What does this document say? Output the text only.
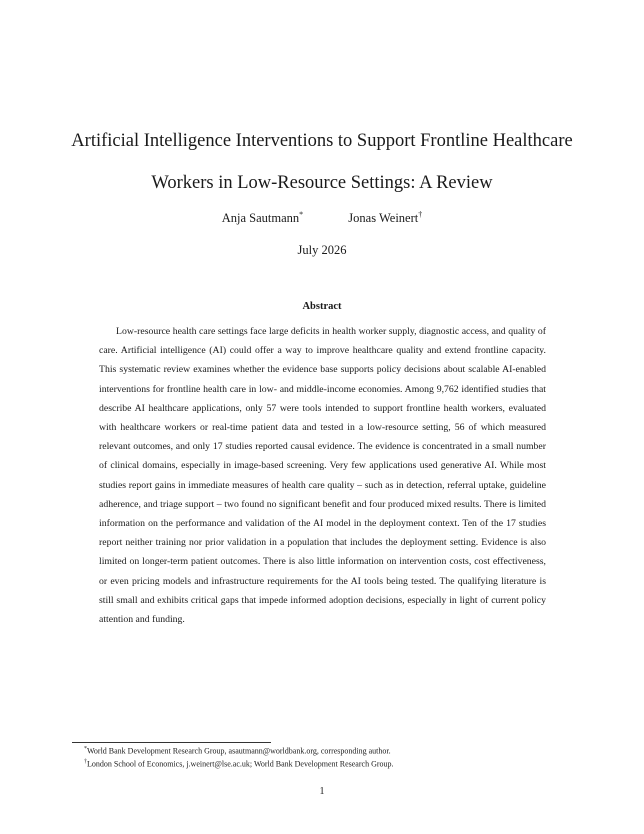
Artificial Intelligence Interventions to Support Frontline Healthcare Workers in Low-Resource Settings: A Review
Anja Sautmann*	Jonas Weinert†
July 2026
Abstract

Low-resource health care settings face large deficits in health worker supply, diagnostic access, and quality of care. Artificial intelligence (AI) could offer a way to improve healthcare quality and extend frontline capacity. This systematic review examines whether the evidence base supports policy decisions about scalable AI-enabled interventions for frontline health care in low- and middle-income economies. Among 9,762 identified studies that describe AI healthcare applications, only 57 were tools intended to support frontline health workers, evaluated with healthcare workers or real-time patient data and tested in a low-resource setting, 56 of which measured relevant outcomes, and only 17 studies reported causal evidence. The evidence is concentrated in a small number of clinical domains, especially in image-based screening. Very few applications used generative AI. While most studies report gains in immediate measures of health care quality – such as in detection, referral uptake, guideline adherence, and triage support – two found no significant benefit and four produced mixed results. There is limited information on the performance and validation of the AI model in the deployment context. Ten of the 17 studies report neither training nor prior validation in a population that includes the deployment setting. Evidence is also limited on longer-term patient outcomes. There is also little information on intervention costs, cost effectiveness, or even pricing models and infrastructure requirements for the AI tools being tested. The qualifying literature is still small and exhibits critical gaps that impede informed adoption decisions, especially in light of current policy attention and funding.

*World Bank Development Research Group, asautmann@worldbank.org, corresponding author.
†London School of Economics, j.weinert@lse.ac.uk; World Bank Development Research Group.
1
